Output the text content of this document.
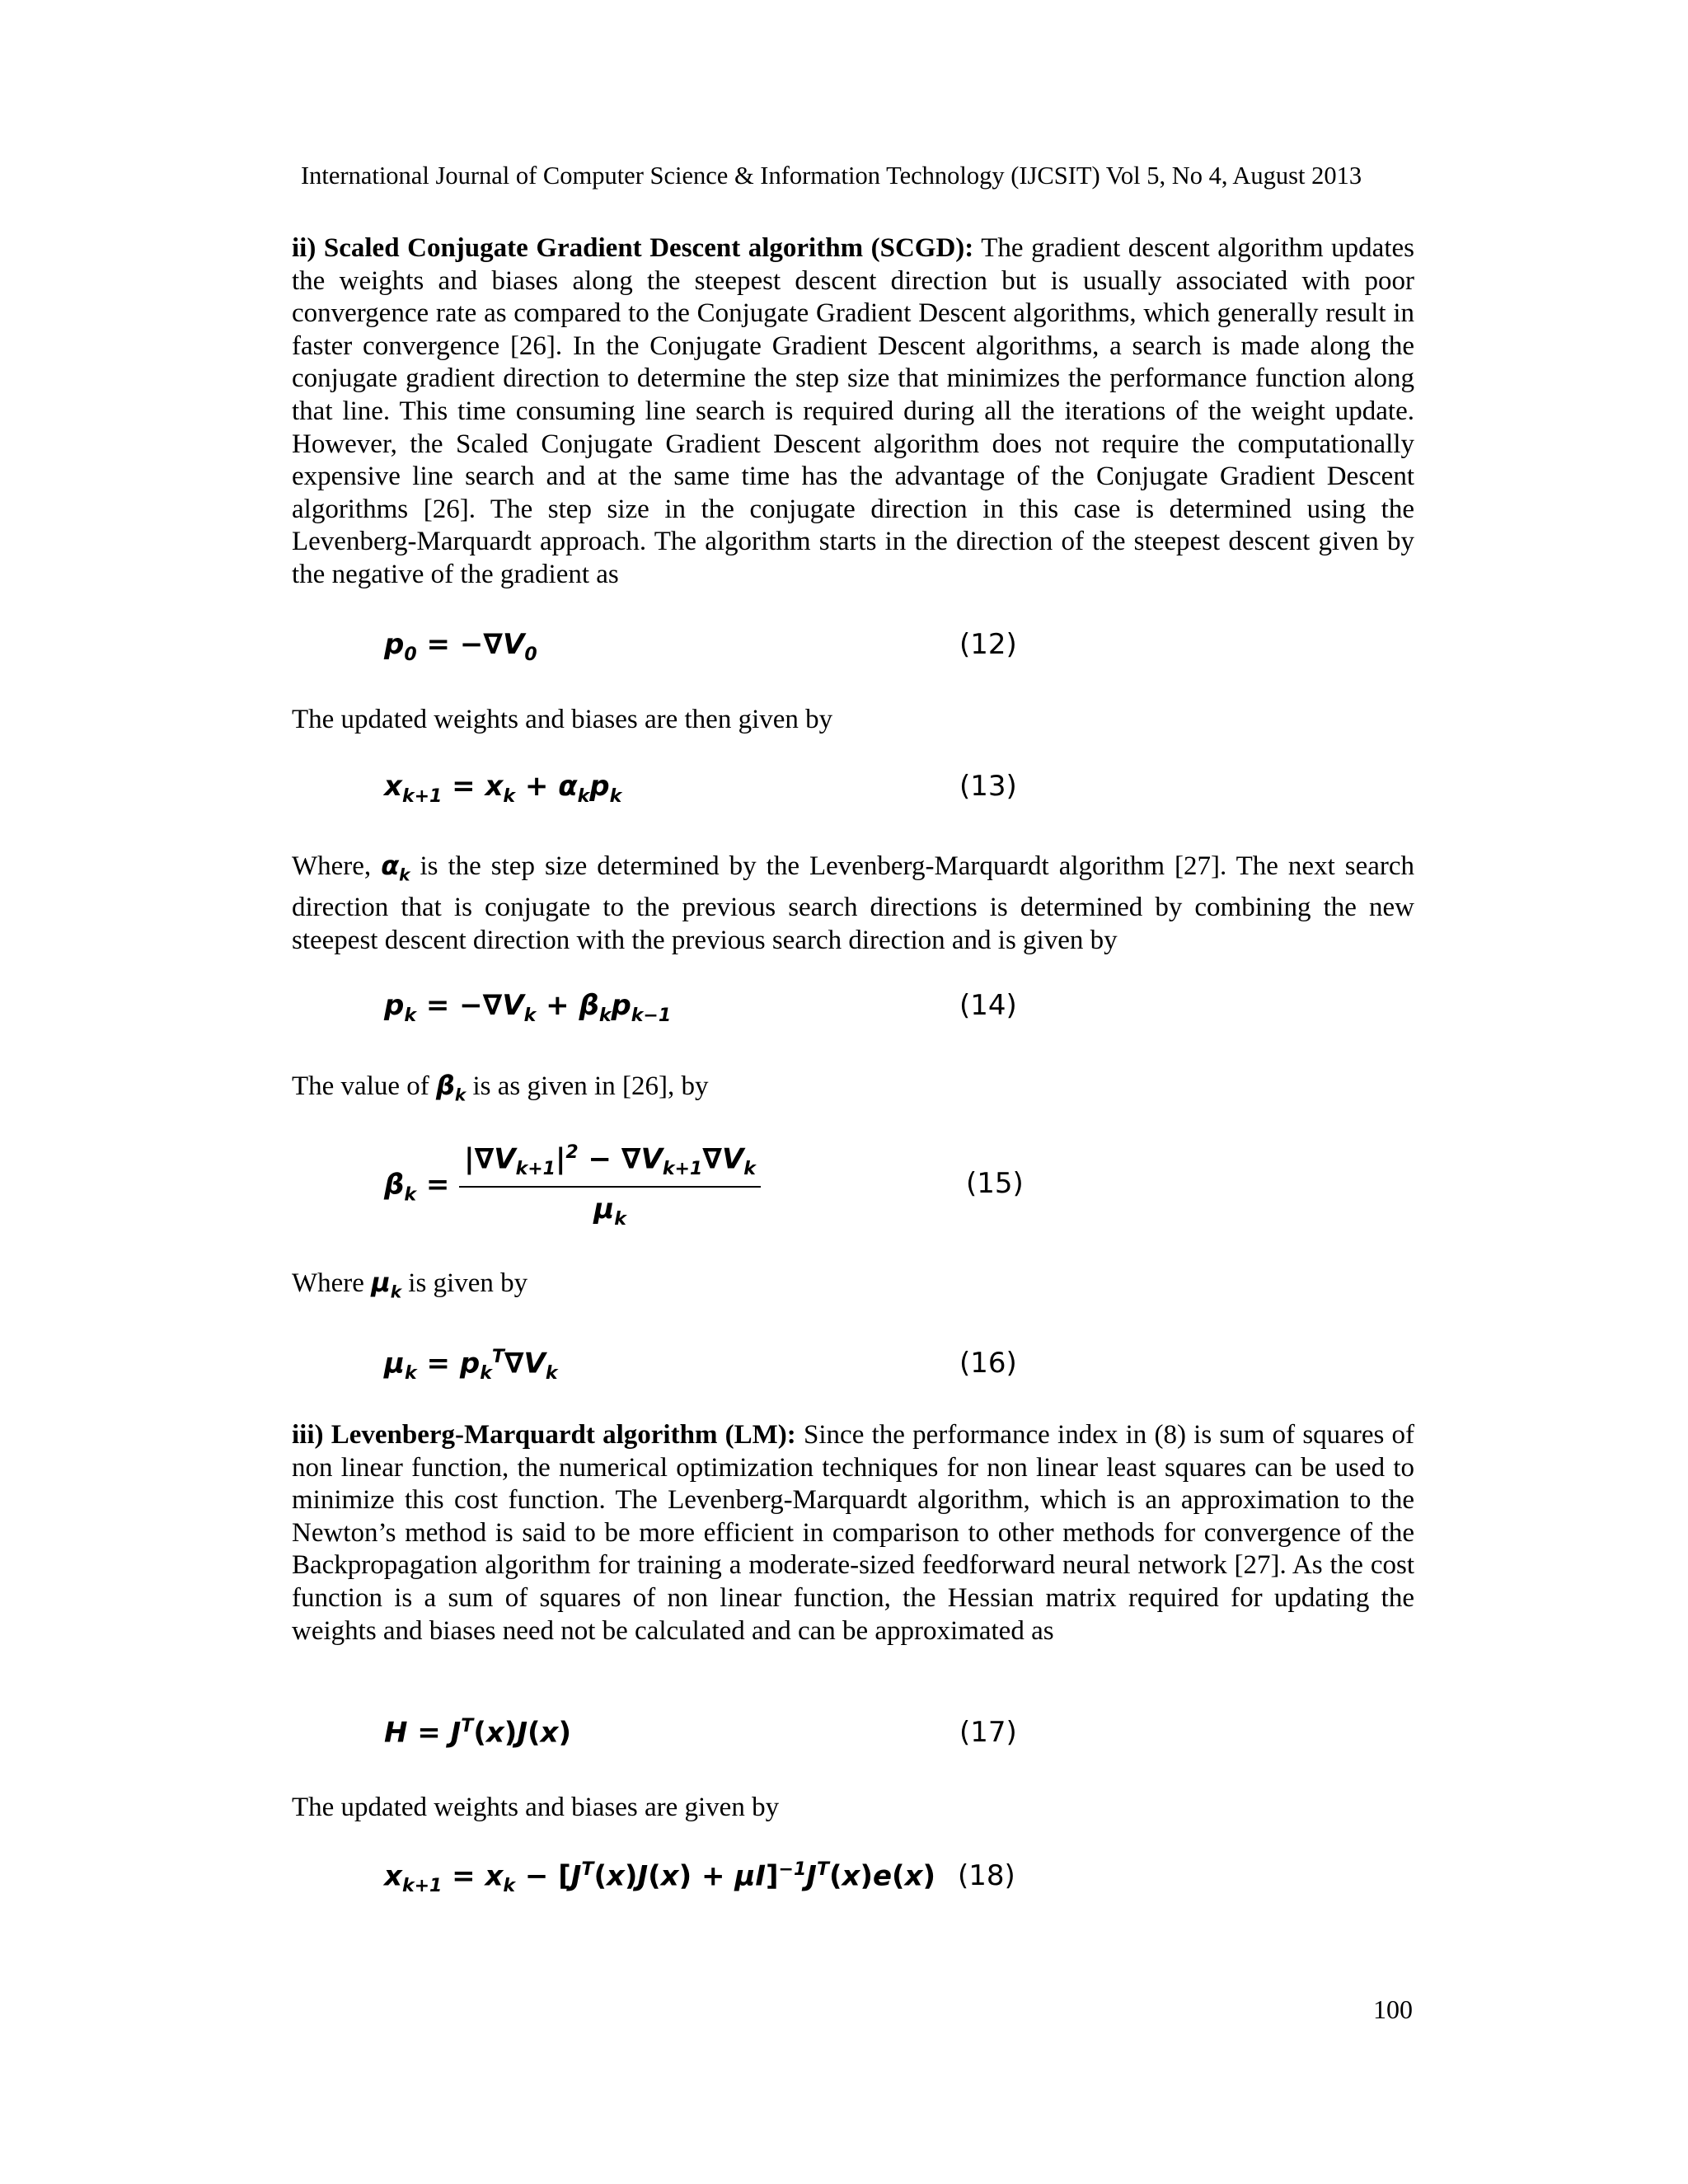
International Journal of Computer Science & Information Technology (IJCSIT) Vol 5, No 4, August 2013

ii) Scaled Conjugate Gradient Descent algorithm (SCGD): The gradient descent algorithm updates the weights and biases along the steepest descent direction but is usually associated with poor convergence rate as compared to the Conjugate Gradient Descent algorithms, which generally result in faster convergence [26]. In the Conjugate Gradient Descent algorithms, a search is made along the conjugate gradient direction to determine the step size that minimizes the performance function along that line. This time consuming line search is required during all the iterations of the weight update. However, the Scaled Conjugate Gradient Descent algorithm does not require the computationally expensive line search and at the same time has the advantage of the Conjugate Gradient Descent algorithms [26]. The step size in the conjugate direction in this case is determined using the Levenberg-Marquardt approach. The algorithm starts in the direction of the steepest descent given by the negative of the gradient as

$p_0 = -\nabla V_0$	(12)

The updated weights and biases are then given by

$x_{k+1} = x_k + \alpha_kp_k$	(13)

Where, $\alpha_k$ is the step size determined by the Levenberg-Marquardt algorithm [27]. The next search direction that is conjugate to the previous search directions is determined by combining the new steepest descent direction with the previous search direction and is given by

$p_k = -\nabla V_k + \beta_kp_{k-1}$	(14)

The value of $\beta_k$ is as given in [26], by

$\beta_k = \frac{|\nabla V_{k+1}|^2 - \nabla V_{k+1}\nabla V_k}{\mu_k}$	(15)

Where $\mu_k$ is given by

$\mu_k = p_k^T\nabla V_k$	(16)

iii) Levenberg-Marquardt algorithm (LM): Since the performance index in (8) is sum of squares of non linear function, the numerical optimization techniques for non linear least squares can be used to minimize this cost function. The Levenberg-Marquardt algorithm, which is an approximation to the Newton’s method is said to be more efficient in comparison to other methods for convergence of the Backpropagation algorithm for training a moderate-sized feedforward neural network [27]. As the cost function is a sum of squares of non linear function, the Hessian matrix required for updating the weights and biases need not be calculated and can be approximated as

$H = J^T(x)J(x)$	(17)

The updated weights and biases are given by

$x_{k+1} = x_k - [J^T(x)J(x) + \mu I]^{-1}J^T(x)e(x)$ (18)
100
